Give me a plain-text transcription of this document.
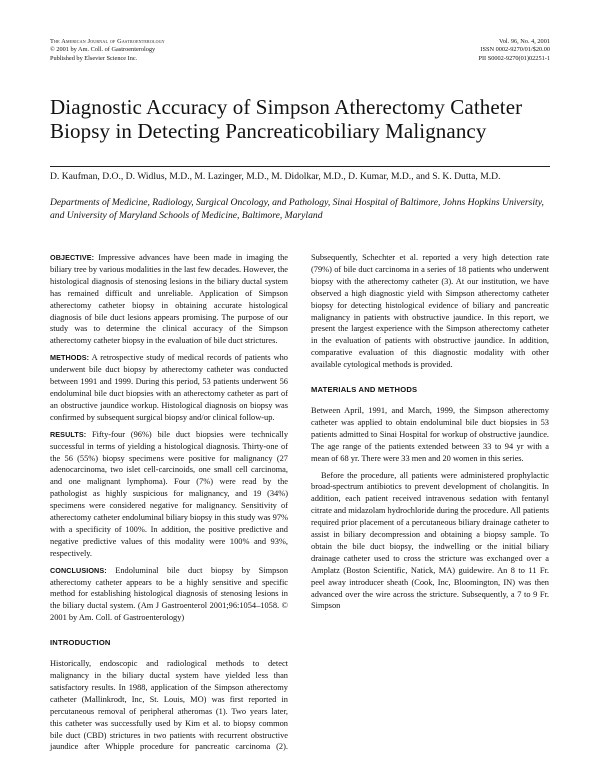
The American Journal of Gastroenterology
© 2001 by Am. Coll. of Gastroenterology
Published by Elsevier Science Inc.
Vol. 96, No. 4, 2001
ISSN 0002-9270/01/$20.00
PII S0002-9270(01)02251-1
Diagnostic Accuracy of Simpson Atherectomy Catheter Biopsy in Detecting Pancreaticobiliary Malignancy
D. Kaufman, D.O., D. Widlus, M.D., M. Lazinger, M.D., M. Didolkar, M.D., D. Kumar, M.D., and S. K. Dutta, M.D.
Departments of Medicine, Radiology, Surgical Oncology, and Pathology, Sinai Hospital of Baltimore, Johns Hopkins University, and University of Maryland Schools of Medicine, Baltimore, Maryland

OBJECTIVE: Impressive advances have been made in imaging the biliary tree by various modalities in the last few decades. However, the histological diagnosis of stenosing lesions in the biliary ductal system has remained difficult and unreliable. Application of Simpson atherectomy catheter biopsy in obtaining accurate histological diagnosis of bile duct lesions appears promising. The purpose of our study was to determine the clinical accuracy of the Simpson atherectomy catheter biopsy in the evaluation of bile duct strictures.

METHODS: A retrospective study of medical records of patients who underwent bile duct biopsy by atherectomy catheter was conducted between 1991 and 1999. During this period, 53 patients underwent 56 endoluminal bile duct biopsies with an atherectomy catheter as part of an obstructive jaundice workup. Histological diagnosis on biopsy was confirmed by subsequent surgical biopsy and/or clinical follow-up.

RESULTS: Fifty-four (96%) bile duct biopsies were technically successful in terms of yielding a histological diagnosis. Thirty-one of the 56 (55%) biopsy specimens were positive for malignancy (27 adenocarcinoma, two islet cell-carcinoids, one small cell carcinoma, and one malignant lymphoma). Four (7%) were read by the pathologist as highly suspicious for malignancy, and 19 (34%) specimens were considered negative for malignancy. Sensitivity of atherectomy catheter endoluminal biliary biopsy in this study was 97% with a specificity of 100%. In addition, the positive predictive and negative predictive values of this modality were 100% and 93%, respectively.

CONCLUSIONS: Endoluminal bile duct biopsy by Simpson atherectomy catheter appears to be a highly sensitive and specific method for establishing histological diagnosis of stenosing lesions in the biliary ductal system. (Am J Gastroenterol 2001;96:1054–1058. © 2001 by Am. Coll. of Gastroenterology)

INTRODUCTION

Historically, endoscopic and radiological methods to detect malignancy in the biliary ductal system have yielded less than satisfactory results. In 1988, application of the Simpson atherectomy catheter (Mallinkrodt, Inc, St. Louis, MO) was first reported in percutaneous removal of peripheral atheromas (1). Two years later, this catheter was successfully used by Kim et al. to biopsy common bile duct (CBD) strictures in two patients with recurrent obstructive jaundice after Whipple procedure for pancreatic carcinoma (2).

Subsequently, Schechter et al. reported a very high detection rate (79%) of bile duct carcinoma in a series of 18 patients who underwent biopsy with the atherectomy catheter (3). At our institution, we have observed a high diagnostic yield with Simpson atherectomy catheter biopsy for detecting histological evidence of biliary and pancreatic malignancy in patients with obstructive jaundice. In this report, we present the largest experience with the Simpson atherectomy catheter in the evaluation of patients with obstructive jaundice. In addition, comparative evaluation of this diagnostic modality with other available cytological methods is provided.

MATERIALS AND METHODS

Between April, 1991, and March, 1999, the Simpson atherectomy catheter was applied to obtain endoluminal bile duct biopsies in 53 patients admitted to Sinai Hospital for workup of obstructive jaundice. The age range of the patients extended between 33 to 94 yr with a mean of 68 yr. There were 33 men and 20 women in this series.

Before the procedure, all patients were administered prophylactic broad-spectrum antibiotics to prevent development of cholangitis. In addition, each patient received intravenous sedation with fentanyl citrate and midazolam hydrochloride during the procedure. All patients required prior placement of a percutaneous biliary drainage catheter to assist in biliary decompression and obtaining a biopsy sample. To obtain the bile duct biopsy, the indwelling or the initial biliary drainage catheter used to cross the stricture was exchanged over a Amplatz (Boston Scientific, Natick, MA) guidewire. An 8 to 11 Fr. peel away introducer sheath (Cook, Inc, Bloomington, IN) was then advanced over the wire across the stricture. Subsequently, a 7 to 9 Fr. Simpson
